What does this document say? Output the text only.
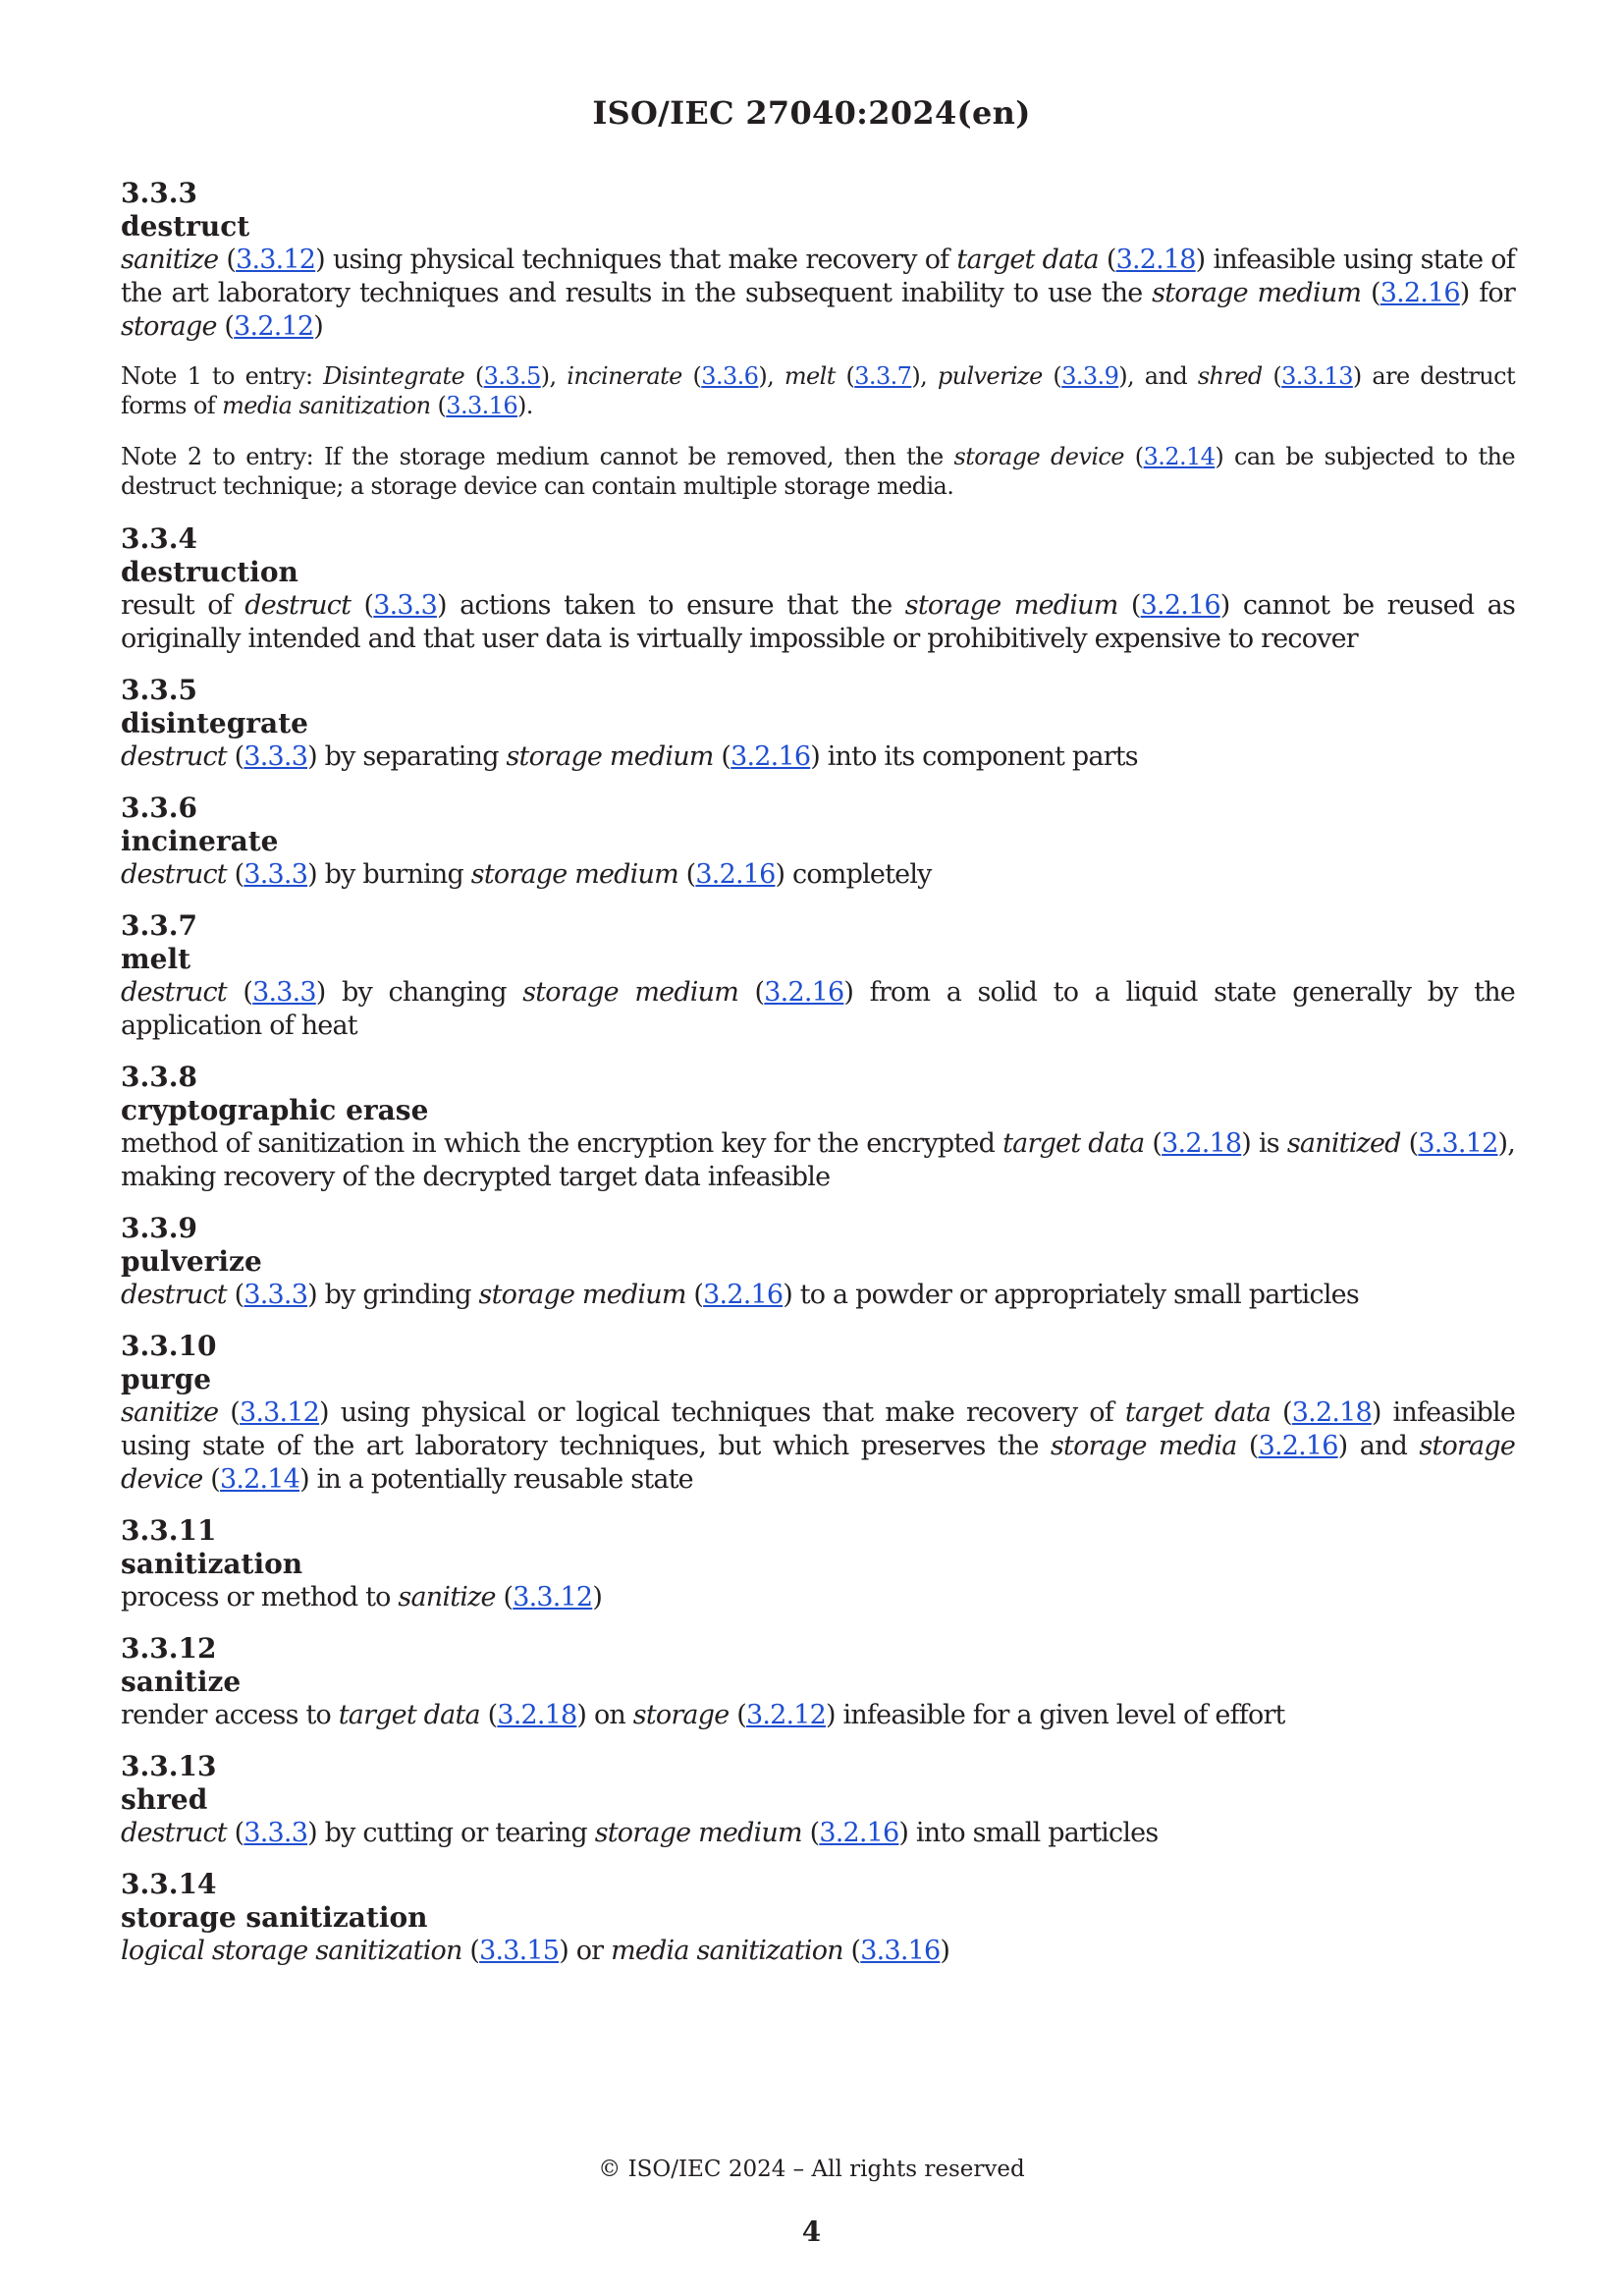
ISO/IEC 27040:2024(en)
3.3.3
destruct
sanitize (3.3.12) using physical techniques that make recovery of target data (3.2.18) infeasible using state of the art laboratory techniques and results in the subsequent inability to use the storage medium (3.2.16) for storage (3.2.12)
Note 1 to entry: Disintegrate (3.3.5), incinerate (3.3.6), melt (3.3.7), pulverize (3.3.9), and shred (3.3.13) are destruct forms of media sanitization (3.3.16).
Note 2 to entry: If the storage medium cannot be removed, then the storage device (3.2.14) can be subjected to the destruct technique; a storage device can contain multiple storage media.
3.3.4
destruction
result of destruct (3.3.3) actions taken to ensure that the storage medium (3.2.16) cannot be reused as originally intended and that user data is virtually impossible or prohibitively expensive to recover
3.3.5
disintegrate
destruct (3.3.3) by separating storage medium (3.2.16) into its component parts
3.3.6
incinerate
destruct (3.3.3) by burning storage medium (3.2.16) completely
3.3.7
melt
destruct (3.3.3) by changing storage medium (3.2.16) from a solid to a liquid state generally by the application of heat
3.3.8
cryptographic erase
method of sanitization in which the encryption key for the encrypted target data (3.2.18) is sanitized (3.3.12), making recovery of the decrypted target data infeasible
3.3.9
pulverize
destruct (3.3.3) by grinding storage medium (3.2.16) to a powder or appropriately small particles
3.3.10
purge
sanitize (3.3.12) using physical or logical techniques that make recovery of target data (3.2.18) infeasible using state of the art laboratory techniques, but which preserves the storage media (3.2.16) and storage device (3.2.14) in a potentially reusable state
3.3.11
sanitization
process or method to sanitize (3.3.12)
3.3.12
sanitize
render access to target data (3.2.18) on storage (3.2.12) infeasible for a given level of effort
3.3.13
shred
destruct (3.3.3) by cutting or tearing storage medium (3.2.16) into small particles
3.3.14
storage sanitization
logical storage sanitization (3.3.15) or media sanitization (3.3.16)
© ISO/IEC 2024 – All rights reserved
4
